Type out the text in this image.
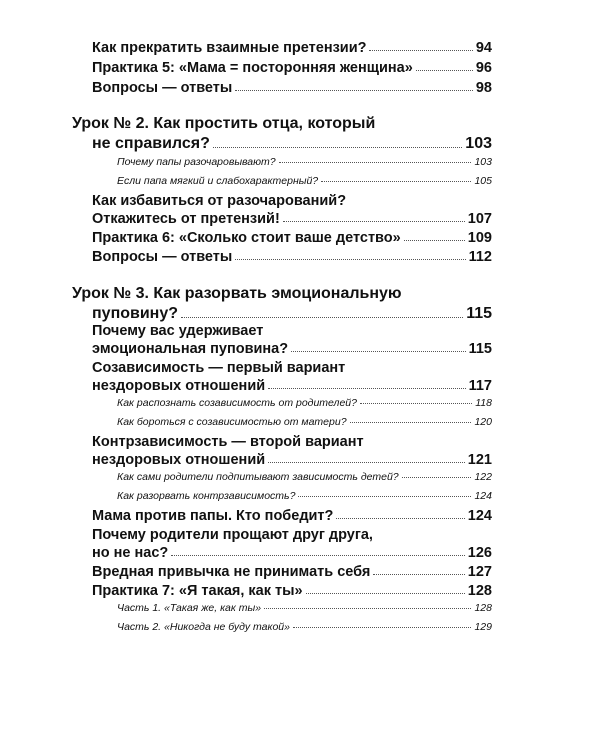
Как прекратить взаимные претензии?	94
Практика 5: «Мама = посторонняя женщина»	96
Вопросы — ответы	98
Урок № 2. Как простить отца, который
не справился?	103
Почему папы разочаровывают?	103
Если папа мягкий и слабохарактерный?	105
Как избавиться от разочарований?
Откажитесь от претензий!	107
Практика 6: «Сколько стоит ваше детство»	109
Вопросы — ответы	112
Урок № 3. Как разорвать эмоциональную
пуповину?	115
Почему вас удерживает
эмоциональная пуповина?	115
Созависимость — первый вариант
нездоровых отношений	117
Как распознать созависимость от родителей?	118
Как бороться с созависимостью от матери?	120
Контрзависимость — второй вариант
нездоровых отношений	121
Как сами родители подпитывают зависимость детей?	122
Как разорвать контрзависимость?	124
Мама против папы. Кто победит?	124
Почему родители прощают друг друга,
но не нас?	126
Вредная привычка не принимать себя	127
Практика 7: «Я такая, как ты»	128
Часть 1. «Такая же, как ты»	128
Часть 2. «Никогда не буду такой»	129
